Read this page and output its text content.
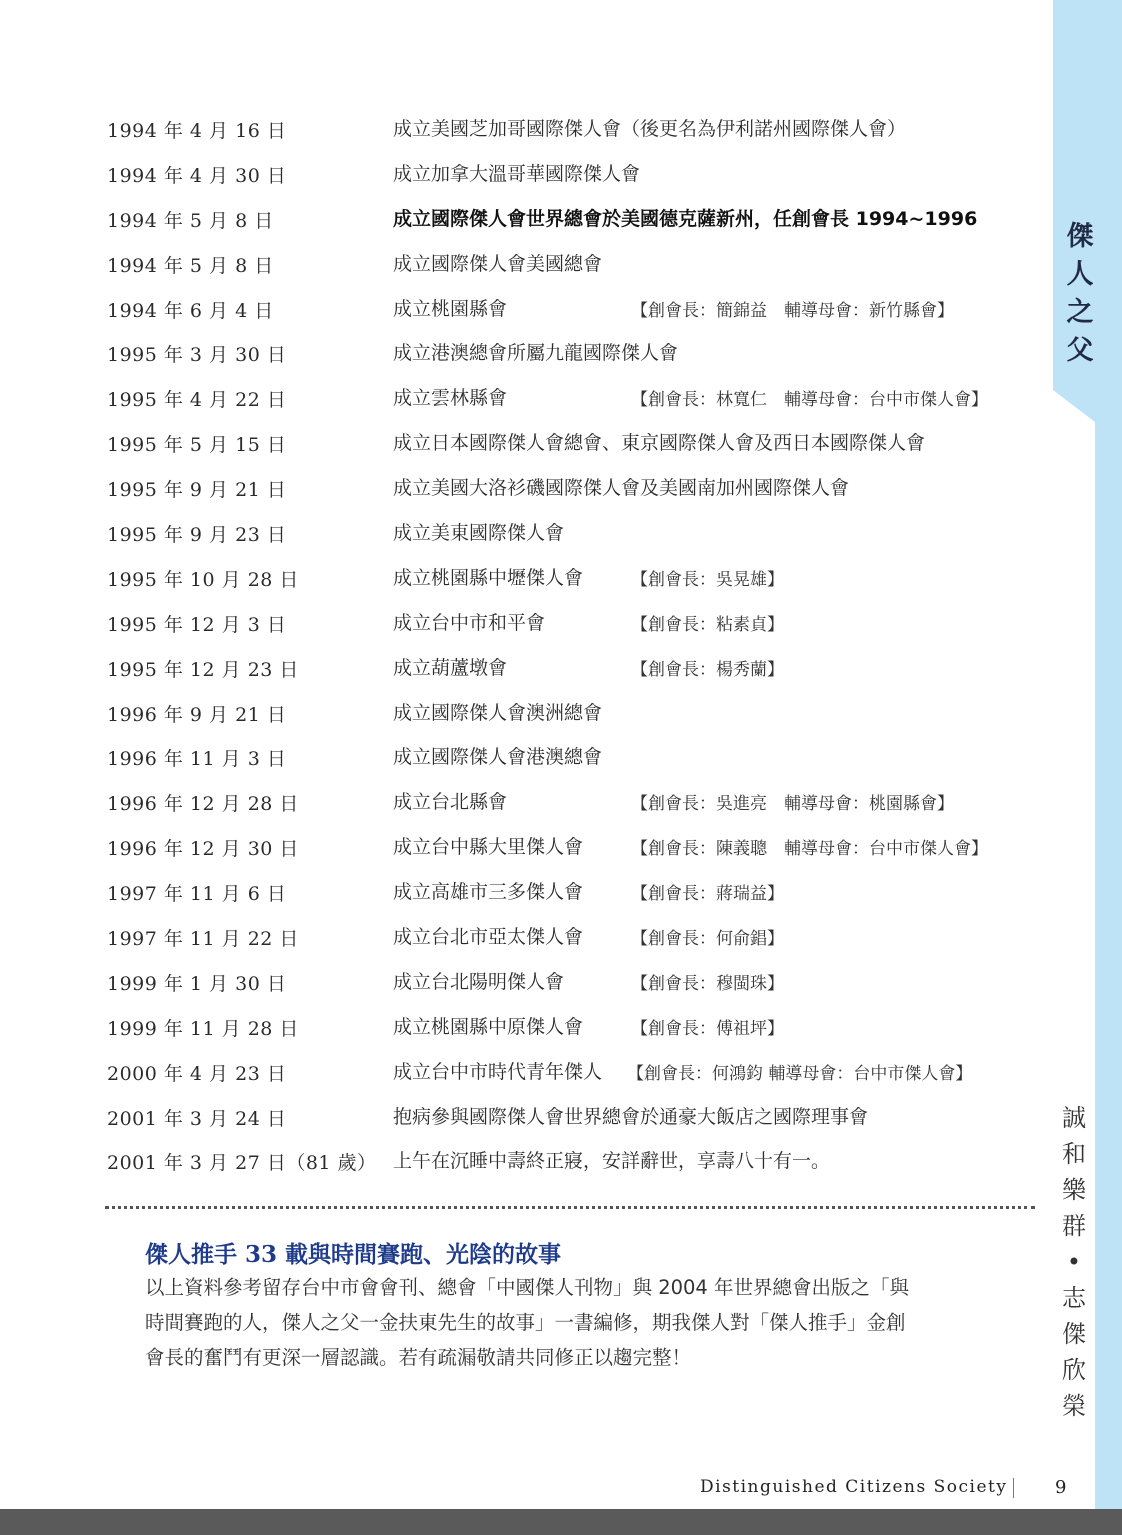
傑
人
之
父
誠
和
樂
群
•
志
傑
欣
榮
1994 年 4 月 16 日	成立美國芝加哥國際傑人會（後更名為伊利諾州國際傑人會）
1994 年 4 月 30 日	成立加拿大溫哥華國際傑人會
1994 年 5 月 8 日	成立國際傑人會世界總會於美國德克薩新州，任創會長 1994~1996
1994 年 5 月 8 日	成立國際傑人會美國總會
1994 年 6 月 4 日	成立桃園縣會	【創會長：簡錦益　輔導母會：新竹縣會】
1995 年 3 月 30 日	成立港澳總會所屬九龍國際傑人會
1995 年 4 月 22 日	成立雲林縣會	【創會長：林寬仁　輔導母會：台中市傑人會】
1995 年 5 月 15 日	成立日本國際傑人會總會、東京國際傑人會及西日本國際傑人會
1995 年 9 月 21 日	成立美國大洛衫磯國際傑人會及美國南加州國際傑人會
1995 年 9 月 23 日	成立美東國際傑人會
1995 年 10 月 28 日	成立桃園縣中壢傑人會	【創會長：吳晃雄】
1995 年 12 月 3 日	成立台中市和平會	【創會長：粘素貞】
1995 年 12 月 23 日	成立葫蘆墩會	【創會長：楊秀蘭】
1996 年 9 月 21 日	成立國際傑人會澳洲總會
1996 年 11 月 3 日	成立國際傑人會港澳總會
1996 年 12 月 28 日	成立台北縣會	【創會長：吳進亮　輔導母會：桃園縣會】
1996 年 12 月 30 日	成立台中縣大里傑人會	【創會長：陳義聰　輔導母會：台中市傑人會】
1997 年 11 月 6 日	成立高雄市三多傑人會	【創會長：蔣瑞益】
1997 年 11 月 22 日	成立台北市亞太傑人會	【創會長：何俞錩】
1999 年 1 月 30 日	成立台北陽明傑人會	【創會長：穆閩珠】
1999 年 11 月 28 日	成立桃園縣中原傑人會	【創會長：傅祖坪】
2000 年 4 月 23 日	成立台中市時代青年傑人 【創會長：何鴻鈞 輔導母會：台中市傑人會】
2001 年 3 月 24 日	抱病參與國際傑人會世界總會於通豪大飯店之國際理事會
2001 年 3 月 27 日（81 歲） 上午在沉睡中壽終正寢，安詳辭世，享壽八十有一。
傑人推手 33 載與時間賽跑、光陰的故事
以上資料參考留存台中市會會刊、總會「中國傑人刊物」與 2004 年世界總會出版之「與
時間賽跑的人，傑人之父一金扶東先生的故事」一書編修，期我傑人對「傑人推手」金創
會長的奮鬥有更深一層認識。若有疏漏敬請共同修正以趨完整！
Distinguished Citizens Society	9
